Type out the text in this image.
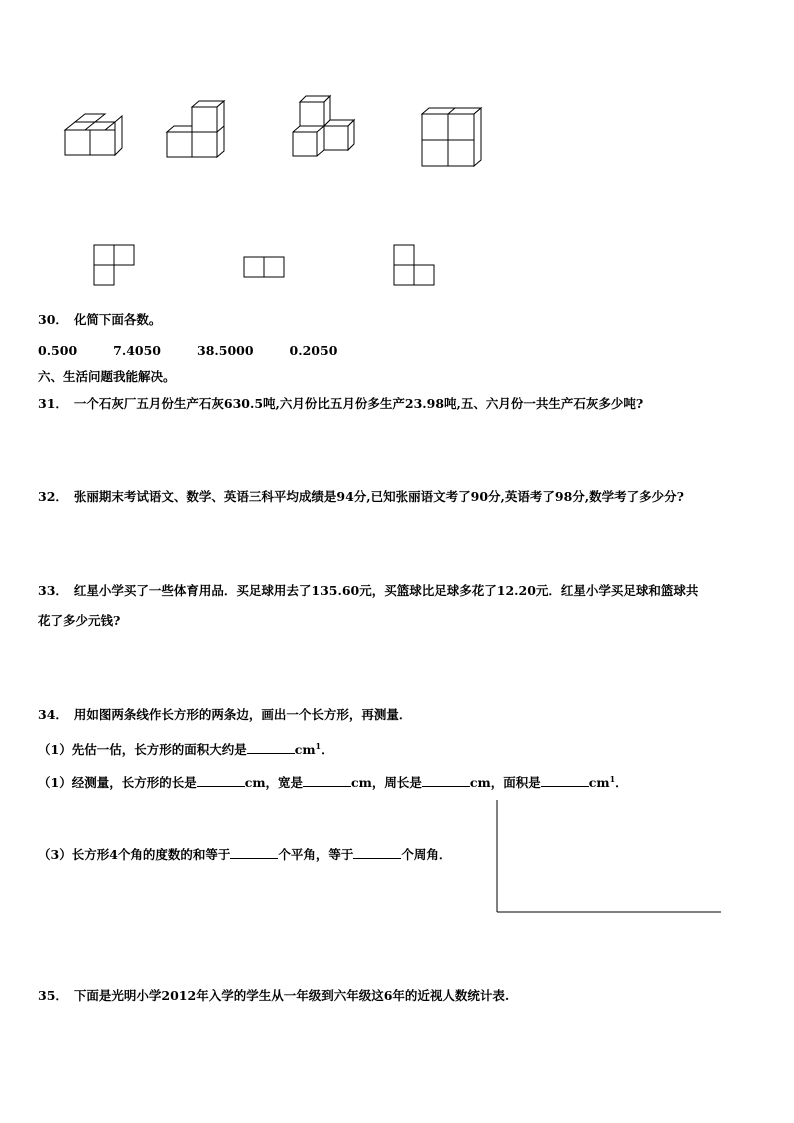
30． 化简下面各数。
0.500	7.4050	38.5000	0.2050
六、生活问题我能解决。
31． 一个石灰厂五月份生产石灰630.5吨,六月份比五月份多生产23.98吨,五、六月份一共生产石灰多少吨?
32． 张丽期末考试语文、数学、英语三科平均成绩是94分,已知张丽语文考了90分,英语考了98分,数学考了多少分?
33． 红星小学买了一些体育用品．买足球用去了135.60元，买篮球比足球多花了12.20元．红星小学买足球和篮球共
花了多少元钱?
34． 用如图两条线作长方形的两条边，画出一个长方形，再测量．
（1）先估一估，长方形的面积大约是	$cm^1$．
（1）经测量，长方形的长是	cm，宽是	cm，周长是	cm，面积是	$cm^1$．
（3）长方形4个角的度数的和等于	个平角，等于	个周角．
35． 下面是光明小学2012年入学的学生从一年级到六年级这6年的近视人数统计表.
